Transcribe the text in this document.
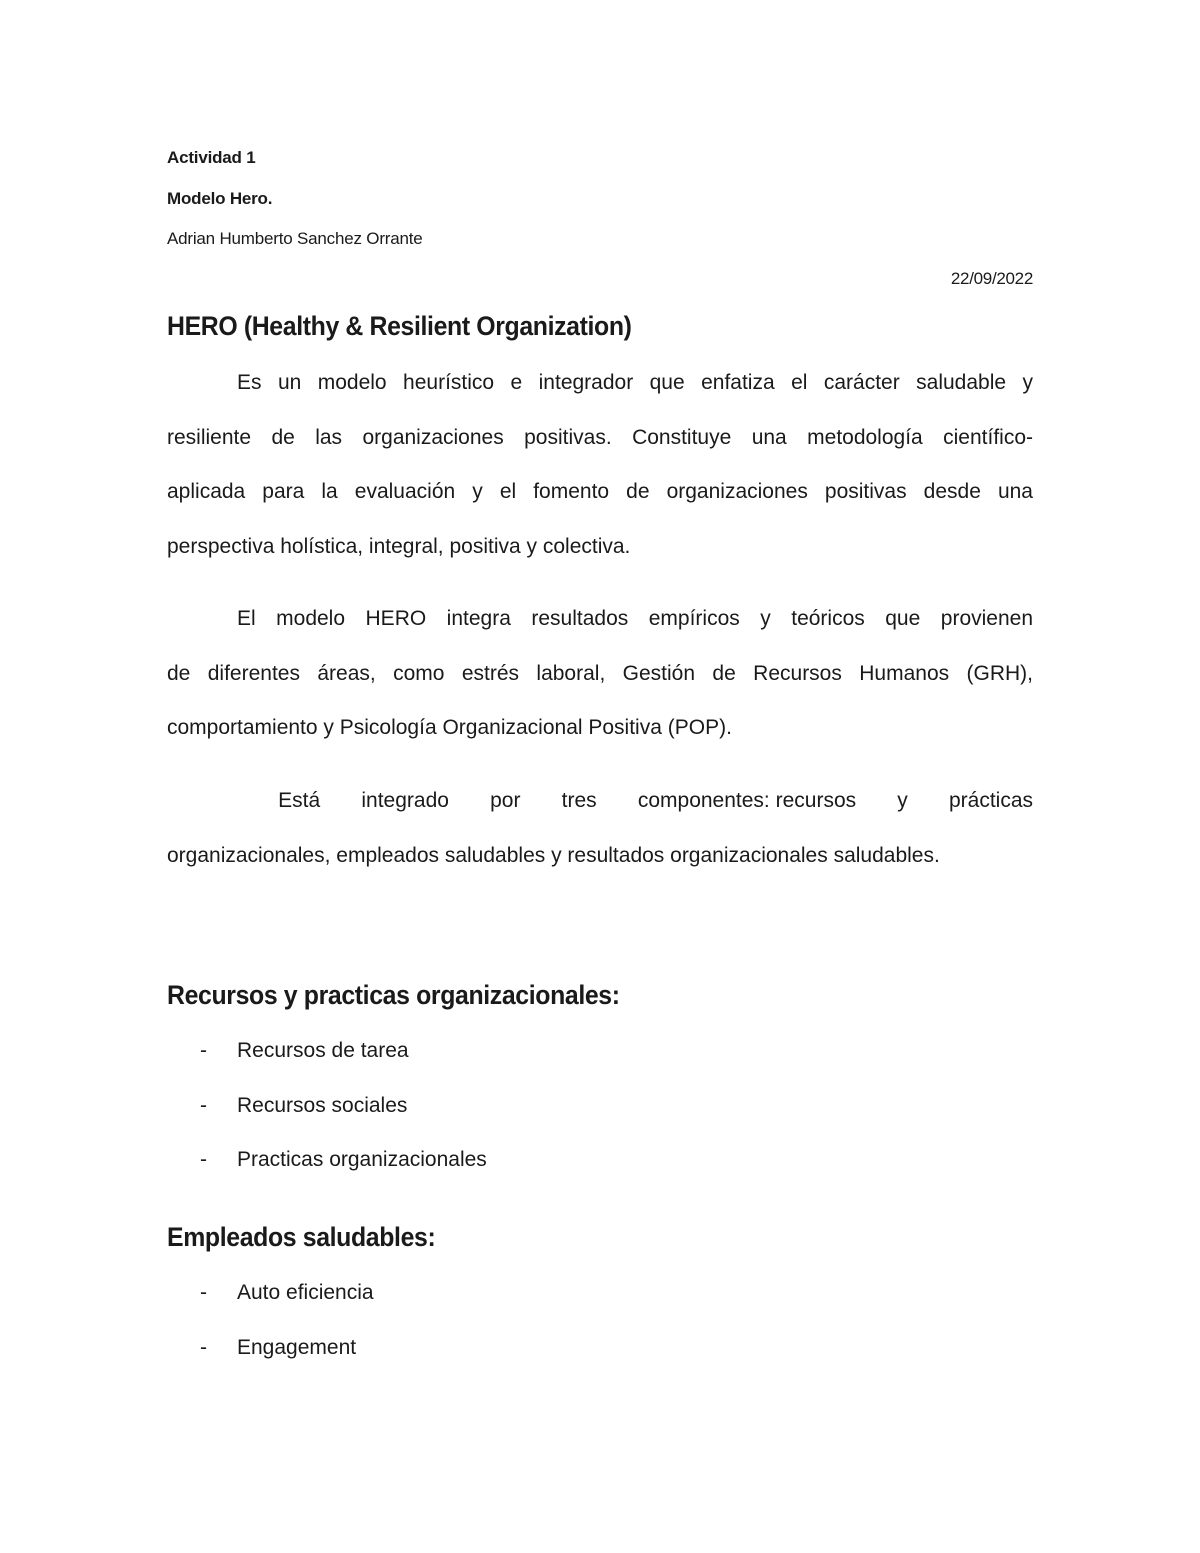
Actividad 1
Modelo Hero.
Adrian Humberto Sanchez Orrante
22/09/2022
HERO (Healthy & Resilient Organization)
Es un modelo heurístico e integrador que enfatiza el carácter saludable y
resiliente de las organizaciones positivas. Constituye una metodología científico-
aplicada para la evaluación y el fomento de organizaciones positivas desde una
perspectiva holística, integral, positiva y colectiva.
El modelo HERO integra resultados empíricos y teóricos que provienen
de diferentes áreas, como estrés laboral, Gestión de Recursos Humanos (GRH),
comportamiento y Psicología Organizacional Positiva (POP).
Está integrado por tres componentes: recursos y prácticas
organizacionales, empleados saludables y resultados organizacionales saludables.
Recursos y practicas organizacionales:
- Recursos de tarea
- Recursos sociales
- Practicas organizacionales
Empleados saludables:
- Auto eficiencia
- Engagement
